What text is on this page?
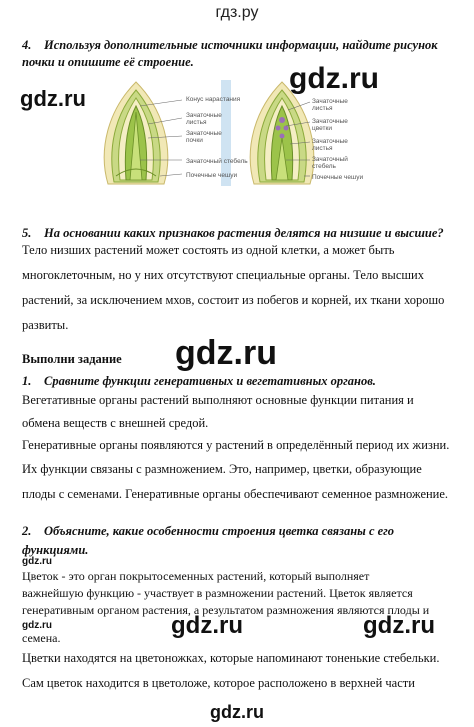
гдз.ру
4. Используя дополнительные источники информации, найдите рисунок
почки и опишите её строение.	gdz.ru
gdz.ru	Конус нарастания
Зачаточные листья
Зачаточные почки
Зачаточный стебель
Почечные чешуи
Зачаточные листья
Зачаточные цветки
Зачаточные листья
Зачаточный стебель
Почечные чешуи
5. На основании каких признаков растения делятся на низшие и высшие?
Тело низших растений может состоять из одной клетки, а может быть
многоклеточным, но у них отсутствуют специальные органы. Тело высших
растений, за исключением мхов, состоит из побегов и корней, их ткани хорошо
развиты.
gdz.ru
Выполни задание
1. Сравните функции генеративных и вегетативных органов.
Вегетативные органы растений выполняют основные функции питания и
обмена веществ с внешней средой.
Генеративные органы появляются у растений в определённый период их жизни.
Их функции связаны с размножением. Это, например, цветки, образующие
плоды с семенами. Генеративные органы обеспечивают семенное размножение.
2. Объясните, какие особенности строения цветка связаны с его
функциями.
gdz.ru
Цветок - это орган покрытосеменных растений, который выполняет
важнейшую функцию - участвует в размножении растений. Цветок является
генеративным органом растения, а результатом размножения являются плоды и
gdz.ru
семена.	gdz.ru	gdz.ru
Цветки находятся на цветоножках, которые напоминают тоненькие стебельки.
Сам цветок находится в цветоложе, которое расположено в верхней части
gdz.ru
